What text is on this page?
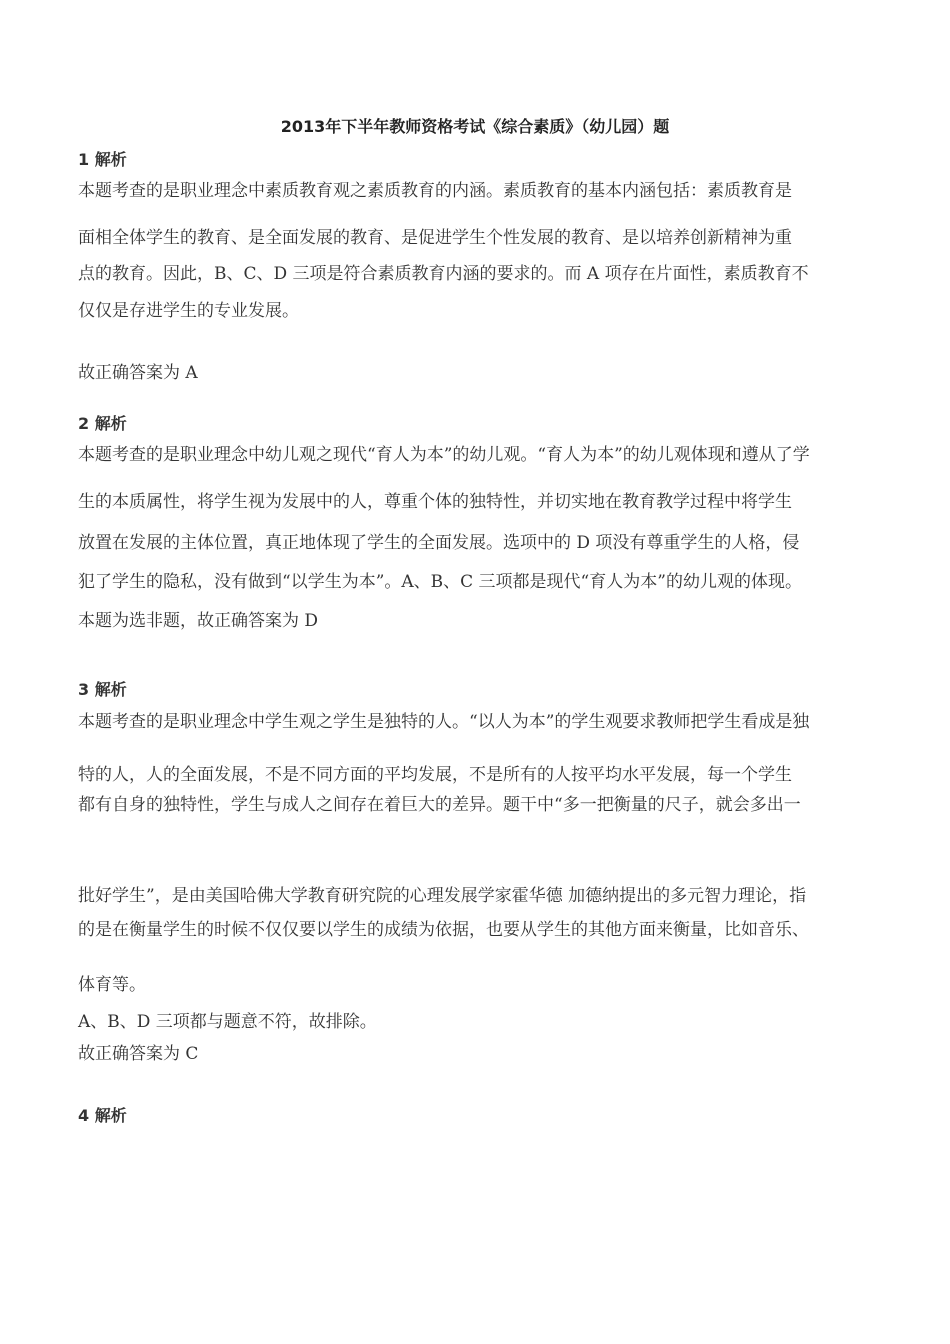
2013年下半年教师资格考试《综合素质》（幼儿园）题
1 解析
本题考查的是职业理念中素质教育观之素质教育的内涵。素质教育的基本内涵包括：素质教育是
面相全体学生的教育、是全面发展的教育、是促进学生个性发展的教育、是以培养创新精神为重
点的教育。因此，B、C、D 三项是符合素质教育内涵的要求的。而 A 项存在片面性，素质教育不
仅仅是存进学生的专业发展。
故正确答案为 A
2 解析
本题考查的是职业理念中幼儿观之现代“育人为本”的幼儿观。“育人为本”的幼儿观体现和遵从了学
生的本质属性，将学生视为发展中的人，尊重个体的独特性，并切实地在教育教学过程中将学生
放置在发展的主体位置，真正地体现了学生的全面发展。选项中的 D 项没有尊重学生的人格，侵
犯了学生的隐私，没有做到“以学生为本”。A、B、C 三项都是现代“育人为本”的幼儿观的体现。
本题为选非题，故正确答案为 D
3 解析
本题考查的是职业理念中学生观之学生是独特的人。“以人为本”的学生观要求教师把学生看成是独
特的人，人的全面发展，不是不同方面的平均发展，不是所有的人按平均水平发展，每一个学生
都有自身的独特性，学生与成人之间存在着巨大的差异。题干中“多一把衡量的尺子，就会多出一
批好学生”，是由美国哈佛大学教育研究院的心理发展学家霍华德 加德纳提出的多元智力理论，指
的是在衡量学生的时候不仅仅要以学生的成绩为依据，也要从学生的其他方面来衡量，比如音乐、
体育等。
A、B、D 三项都与题意不符，故排除。
故正确答案为 C
4 解析
